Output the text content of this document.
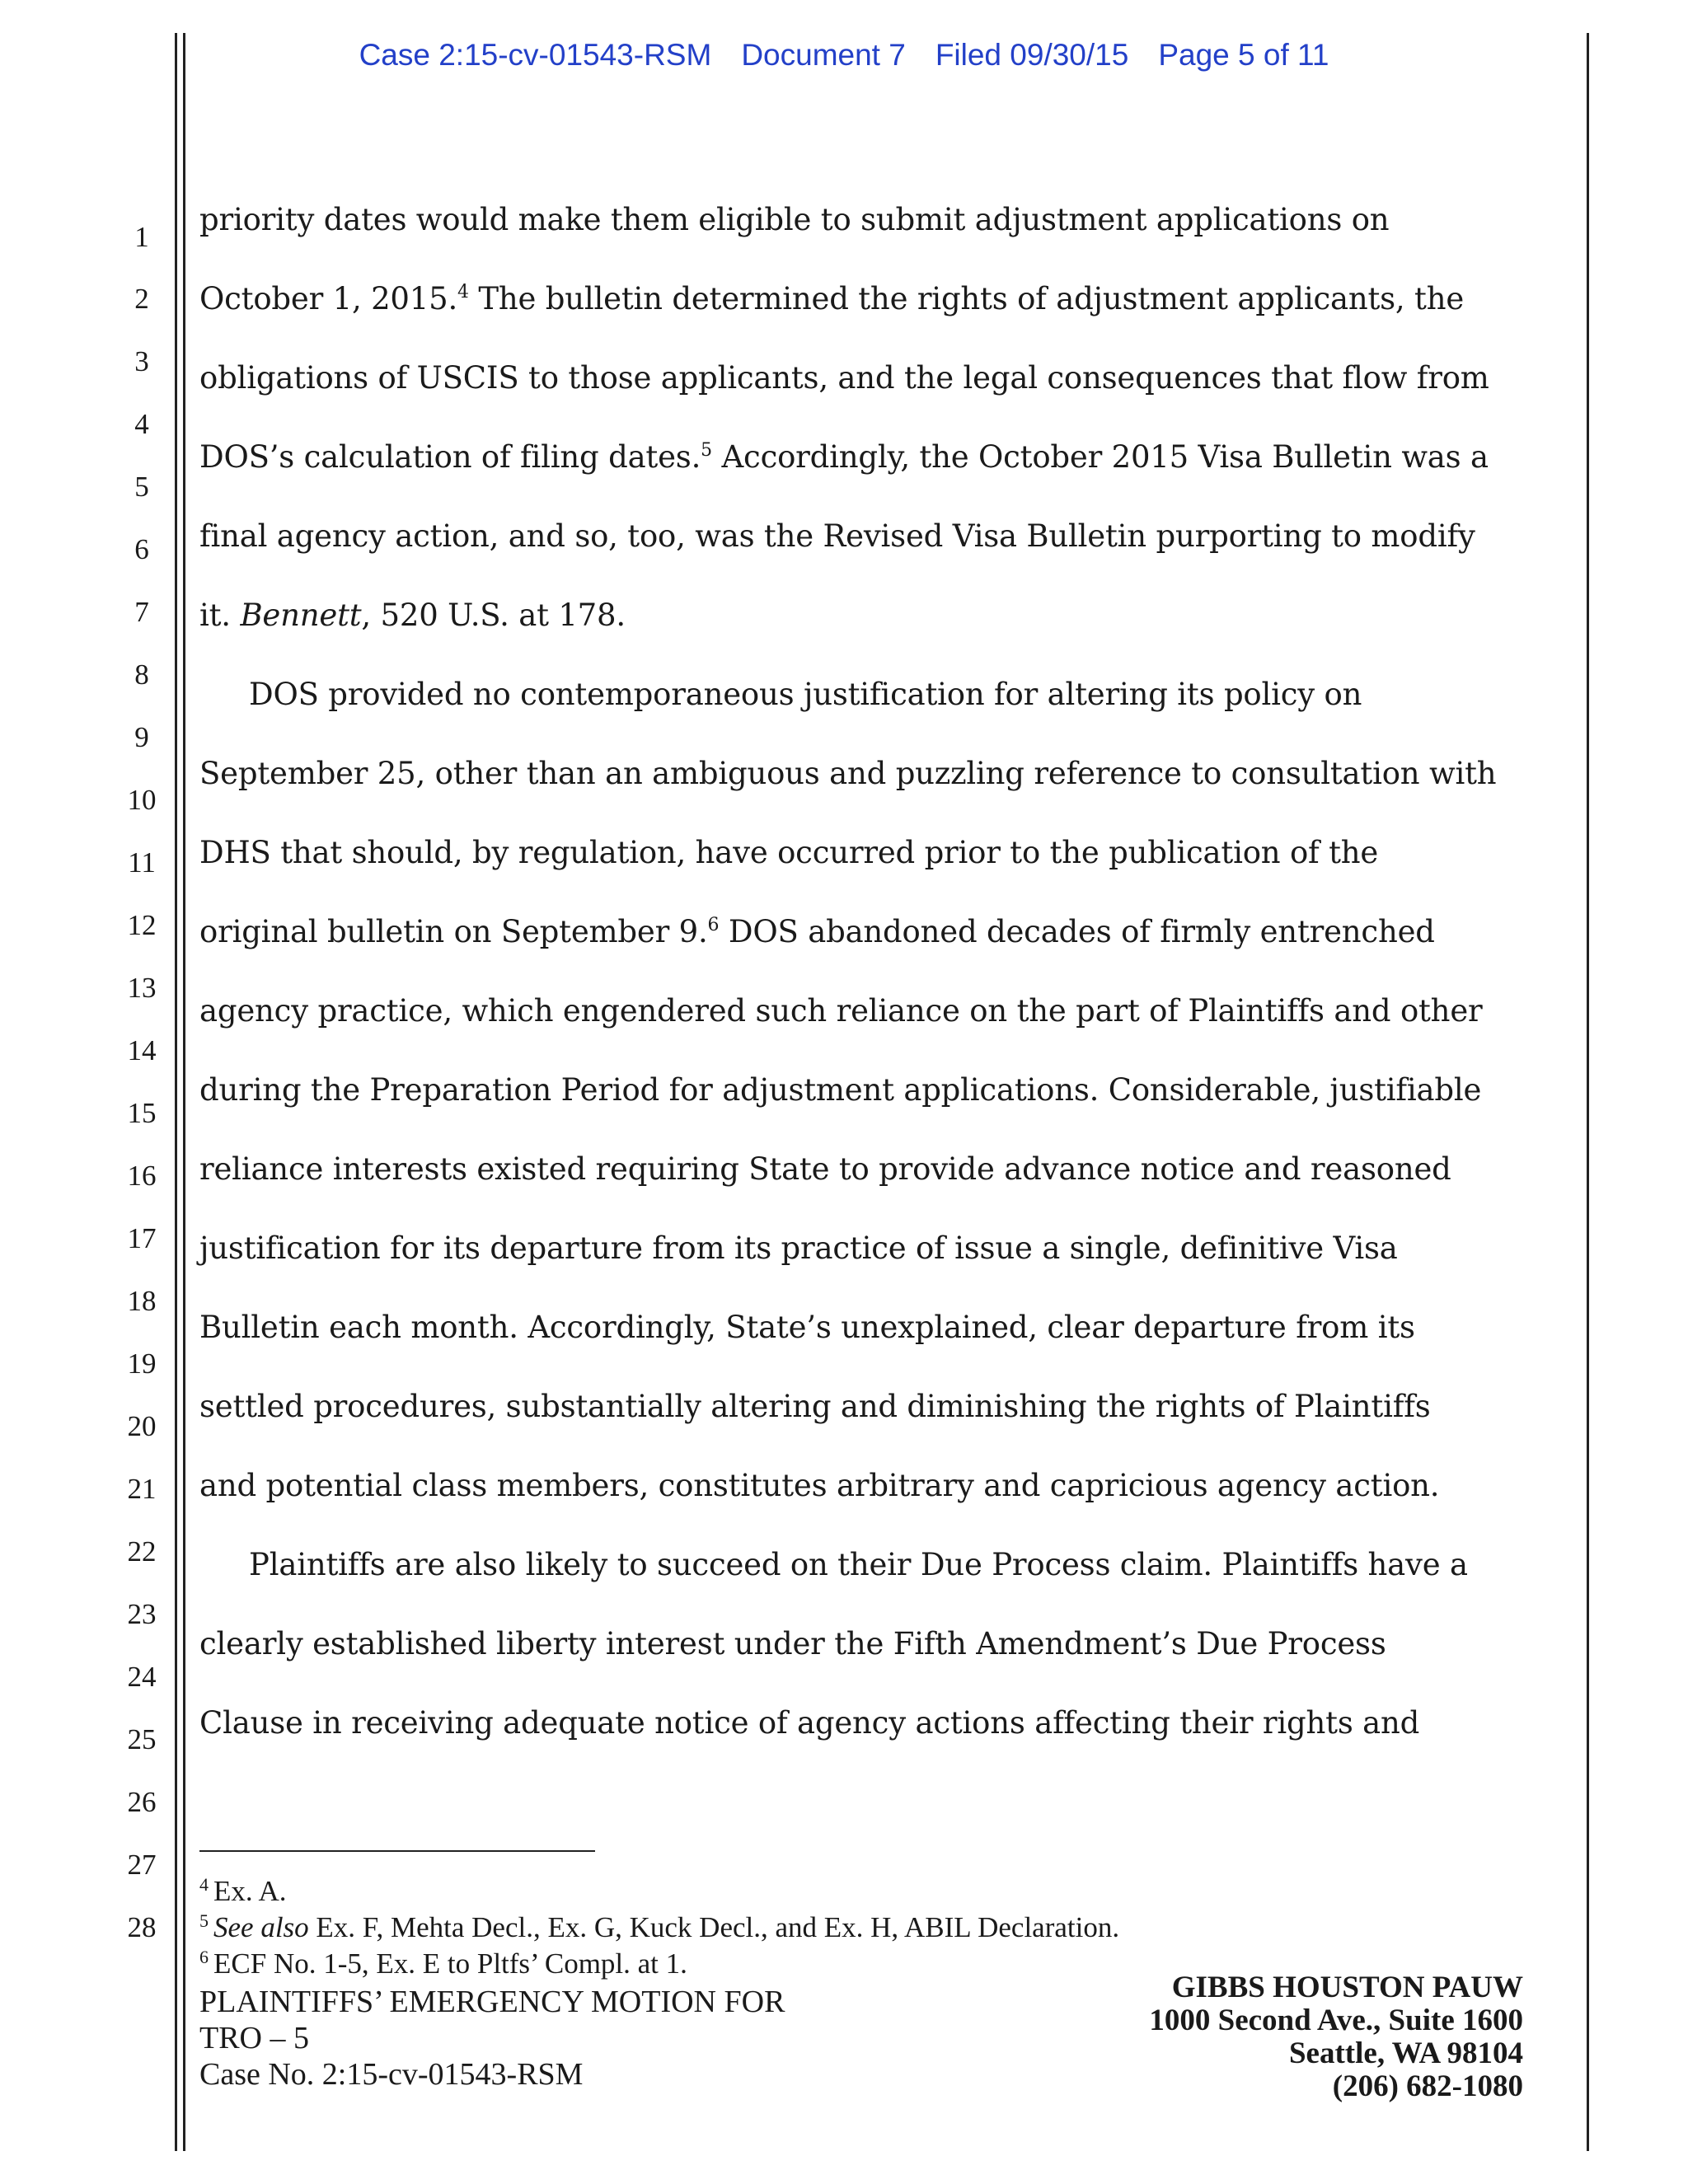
Case 2:15-cv-01543-RSM Document 7 Filed 09/30/15 Page 5 of 11
1
2
3
4
5
6
7
8
9
10
11
12
13
14
15
16
17
18
19
20
21
22
23
24
25
26
27
28
priority dates would make them eligible to submit adjustment applications on
October 1, 2015.$^4$ The bulletin determined the rights of adjustment applicants, the
obligations of USCIS to those applicants, and the legal consequences that flow from
DOS’s calculation of filing dates.$^5$ Accordingly, the October 2015 Visa Bulletin was a
final agency action, and so, too, was the Revised Visa Bulletin purporting to modify
it. Bennett, 520 U.S. at 178.
DOS provided no contemporaneous justification for altering its policy on
September 25, other than an ambiguous and puzzling reference to consultation with
DHS that should, by regulation, have occurred prior to the publication of the
original bulletin on September 9.$^6$ DOS abandoned decades of firmly entrenched
agency practice, which engendered such reliance on the part of Plaintiffs and other
during the Preparation Period for adjustment applications. Considerable, justifiable
reliance interests existed requiring State to provide advance notice and reasoned
justification for its departure from its practice of issue a single, definitive Visa
Bulletin each month. Accordingly, State’s unexplained, clear departure from its
settled procedures, substantially altering and diminishing the rights of Plaintiffs
and potential class members, constitutes arbitrary and capricious agency action.
Plaintiffs are also likely to succeed on their Due Process claim. Plaintiffs have a
clearly established liberty interest under the Fifth Amendment’s Due Process
Clause in receiving adequate notice of agency actions affecting their rights and
$^4$ Ex. A.
$^5$ See also Ex. F, Mehta Decl., Ex. G, Kuck Decl., and Ex. H, ABIL Declaration.
$^6$ ECF No. 1-5, Ex. E to Pltfs’ Compl. at 1.
PLAINTIFFS’ EMERGENCY MOTION FOR
TRO – 5
Case No. 2:15-cv-01543-RSM
GIBBS HOUSTON PAUW
1000 Second Ave., Suite 1600
Seattle, WA 98104
(206) 682-1080
